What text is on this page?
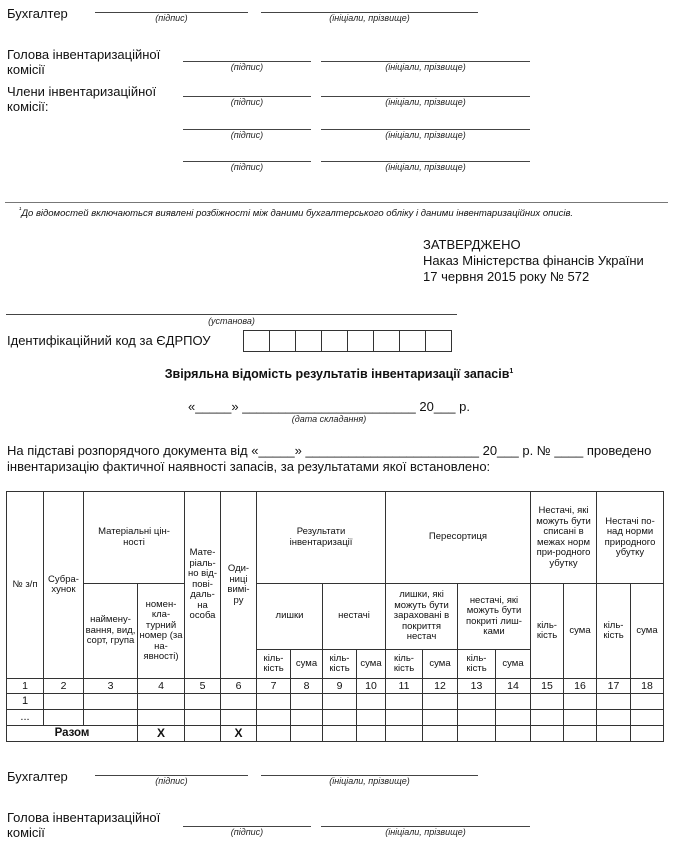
Бухгалтер	(підпис)	(ініціали, прізвище)
Голова інвентаризаційної
комісії	(підпис)	(ініціали, прізвище)
Члени інвентаризаційної
комісії:	(підпис)	(ініціали, прізвище)
(підпис)	(ініціали, прізвище)
(підпис)	(ініціали, прізвище)
$^{^1}$До відомостей включаються виявлені розбіжності між даними бухгалтерського обліку і даними інвентаризаційних описів.
ЗАТВЕРДЖЕНО
Наказ Міністерства фінансів України
17 червня 2015 року № 572
(установа)
Ідентифікаційний код за ЄДРПОУ

Звіряльна відомість результатів інвентаризації запасів$^1$
«_____» ________________________ 20___ р.
(дата складання)
На підставі розпорядчого документа від «_____» ________________________ 20___ р. № ____ проведено
інвентаризацію фактичної наявності запасів, за результатами якої встановлено:
№ з/п	Субра-хунок	Матеріальні цін-ності		Мате-ріаль-но від-пові-даль-на особа	Оди-ниці вимі-ру	Результати інвентаризації				Пересортиця				Нестачі, які можуть бути списані в межах норм при-родного убутку		Нестачі по-над норми природного убутку	
		наймену-вання, вид, сорт, група	номен-кла-турний номер (за на-явності)			лишки		нестачі		лишки, які можуть бути зараховані в покриття нестач		нестачі, які можуть бути покриті лиш-ками		кіль-кість	сума	кіль-кість	сума
						кіль-кість	сума	кіль-кість	сума	кіль-кість	сума	кіль-кість	сума				
1	2	3	4	5	6	7	8	9	10	11	12	13	14	15	16	17	18
1																	
...																	
Разом			Х		Х												
Бухгалтер	(підпис)	(ініціали, прізвище)
Голова інвентаризаційної
комісії	(підпис)	(ініціали, прізвище)
